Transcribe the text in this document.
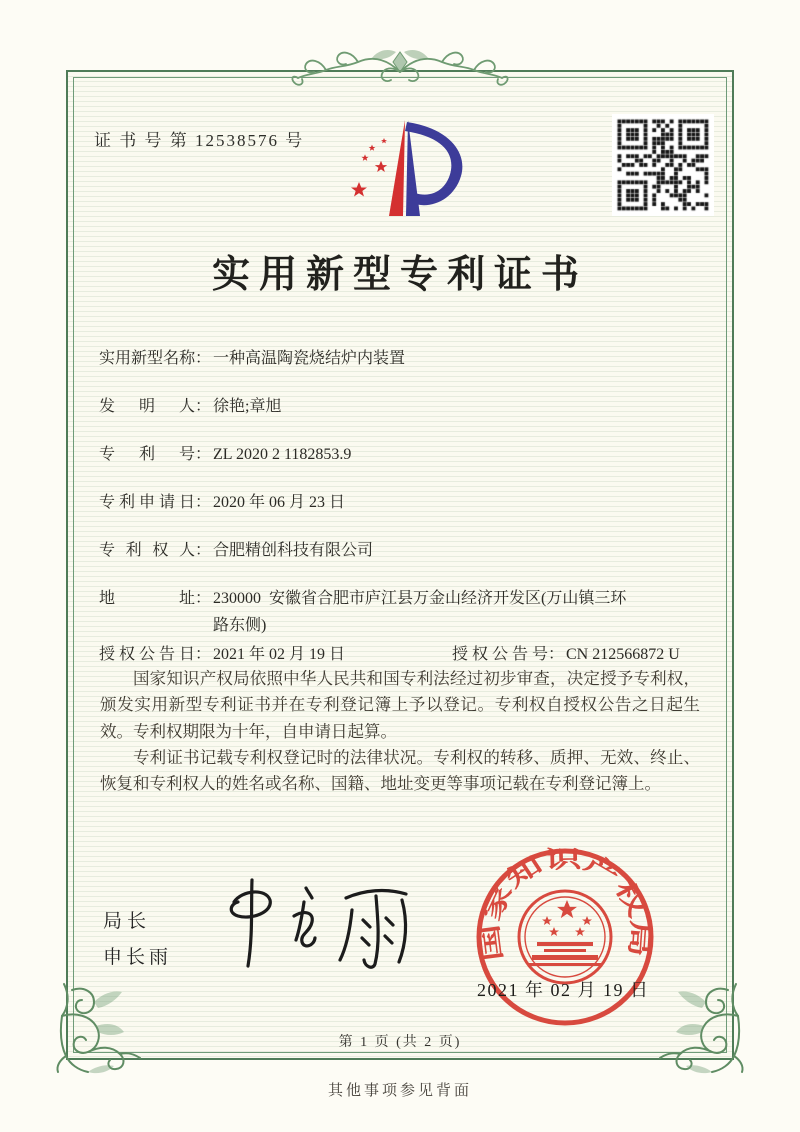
证 书 号 第 12538576 号
实用新型专利证书
实 用 新 型 名 称 ： 一种高温陶瓷烧结炉内装置
发 明 人 ： 徐艳;章旭
专 利 号 ： ZL 2020 2 1182853.9
专 利 申 请 日 ： 2020 年 06 月 23 日
专 利 权 人 ： 合肥精创科技有限公司
地	址 ： 230000  安徽省合肥市庐江县万金山经济开发区(万山镇三环路东侧)
授 权 公 告 日 ： 2021 年 02 月 19 日	授 权 公 告 号 ： CN 212566872 U

国家知识产权局依照中华人民共和国专利法经过初步审查，决定授予专利权，颁发实用新型专利证书并在专利登记簿上予以登记。专利权自授权公告之日起生效。专利权期限为十年，自申请日起算。

专利证书记载专利权登记时的法律状况。专利权的转移、质押、无效、终止、恢复和专利权人的姓名或名称、国籍、地址变更等事项记载在专利登记簿上。

局长
申长雨	国家知识产权局
2021 年 02 月 19 日
第 1 页 (共 2 页)
其他事项参见背面
